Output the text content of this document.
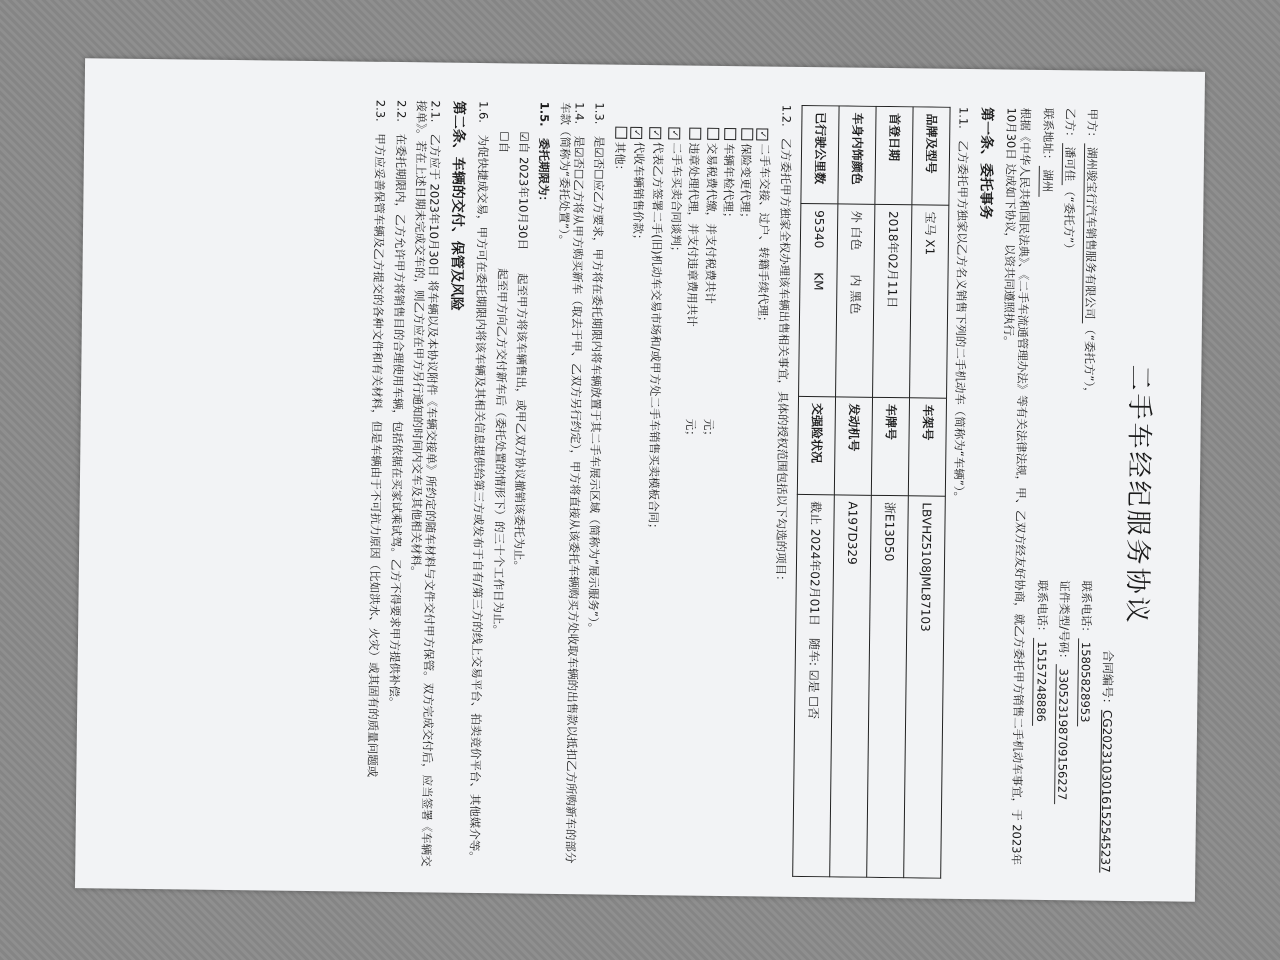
二手车经纪服务协议
合同编号：CG202310301615254523​7
甲方：湖州骏宝行汽车销售服务有限公司（“委托方”），
联系电话：15805828953
乙方：潘可佳（“委托方”）
证件类型/号码：330523198709156227
联系地址：湖州
联系电话：15157248886

根据《中华人民共和国民法典》、《二手车流通管理办法》等有关法律法规，甲、乙双方经友好协商，就乙方委托甲方销售二手机动车事宜，于 2023年10月30日 达成如下协议，以资共同遵照执行。

第一条、委托事务
1.1.　乙方委托甲方独家以乙方名义销售下列的二手机动车（简称为“车辆”）。
品牌及型号	宝马 X1	车架号	LBVHZ5108JML87103
首登日期	2018年02月11日	车牌号	浙E13D50
车身内饰颜色	外 白色　　内 黑色	发动机号	A197D329
已行驶公里数	95340　　KM	交强险状况	截止 2024年02月01日　随车: ☑是 ☐否
1.2.　乙方委托甲方独家全权办理该车辆出售相关事宜，具体的授权范围包括以下勾选的项目：
✓二手车交接、过户、转籍手续代理；
保险变更代理；
车辆年检代理；
交易税费代缴，并支付税费共计　　　　　　　　　　元；
违章处理代理，并支付违章费用共计　　　　　　　　元；
✓二手车买卖合同谈判；
✓代表乙方签署二手(旧)机动车交易市场和/或甲方处二手车销售买卖模板合同；
✓代收车辆销售价款；
其他：
1.3.　是☑否☐应乙方要求，甲方将在委托期限内将车辆放置于其二手车展示区域（简称为“展示服务”）。
1.4.　是☑否☐乙方将从甲方购买新车（取去于甲、乙双方另行约定），甲方将直接从该委托车辆购买方处收取车辆的出售款以抵扣乙方所购新车的部分车款（简称为“委托处置”）。
1.5.　委托期限为：
☑自 2023年10月30日　　起至甲方将该车辆售出，或甲乙双方协议撤销该委托为止。
☐自　　　　　　　　　　起至甲方向乙方交付新车后（委托处置的情形下）的三十个工作日为止。
1.6.　为促快捷成交易，甲方可在委托期限内将该车辆及其相关信息提供给第三方或发布于自有/第三方的线上交易平台、拍卖竞价平台、其他媒介等。
第二条、车辆的交付、保管及风险
2.1.　乙方应于 2023年10月30日 将车辆以及本协议附件《车辆交接单》所约定的随车材料与文件交付甲方保管。双方完成交付后，应当签署《车辆交接单》。若在上述日期未完成交车的，则乙方应在甲方另行通知的时间内交车及其他相关材料。
2.2.　在委托期限内，乙方允许甲方将销售目的合理使用车辆，包括依据在买家试乘试驾。乙方不得要求甲方提供补偿。
2.3.　甲方应妥善保管车辆及乙方提交的各种文件和有关材料，但是车辆由于不可抗力原因（比如洪水、火灾）或其固有的质量问题或
